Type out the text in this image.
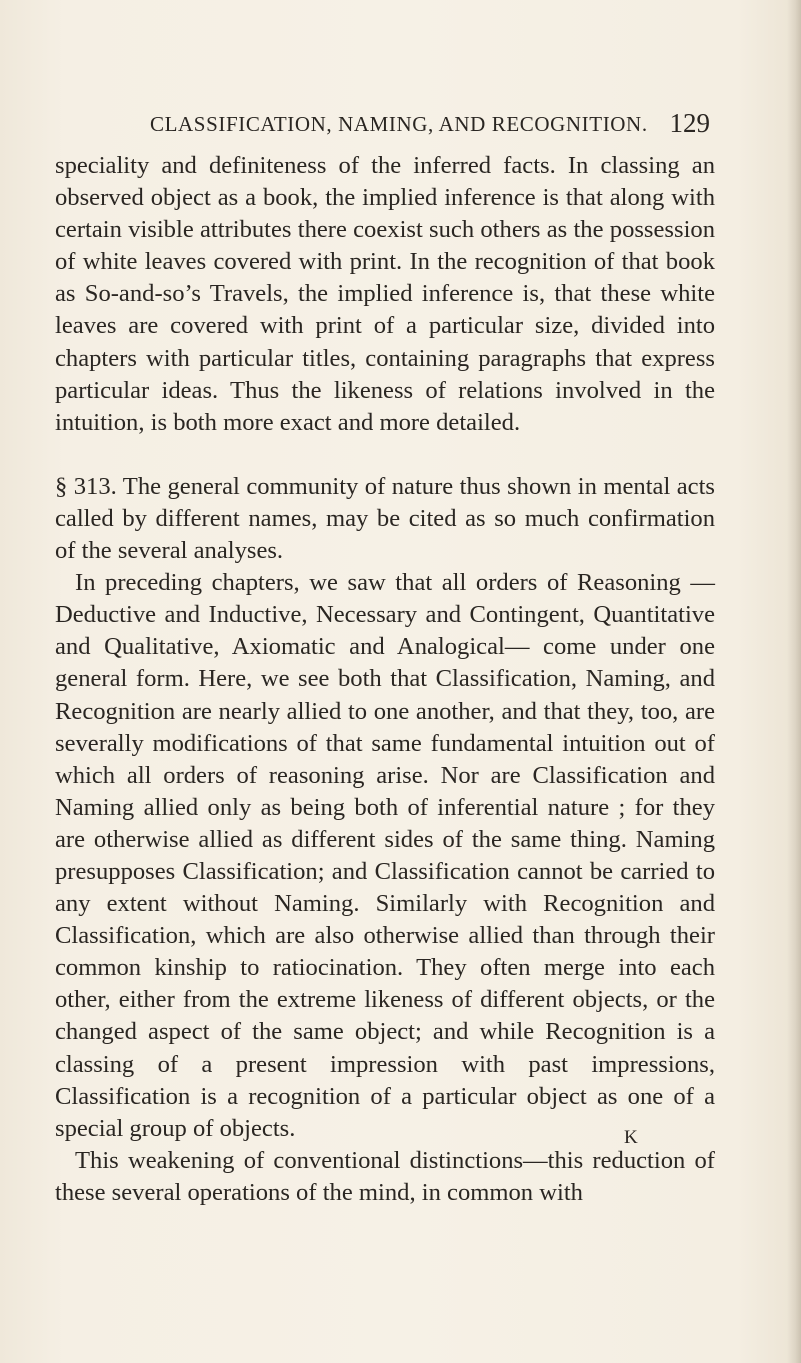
CLASSIFICATION, NAMING, AND RECOGNITION. 129

speciality and definiteness of the inferred facts. In classing an observed object as a book, the implied inference is that along with certain visible attributes there coexist such others as the possession of white leaves covered with print. In the recognition of that book as So-and-so’s Travels, the implied inference is, that these white leaves are covered with print of a particular size, divided into chapters with particular titles, containing paragraphs that express particular ideas. Thus the likeness of relations involved in the intuition, is both more exact and more detailed.

§ 313. The general community of nature thus shown in mental acts called by different names, may be cited as so much confirmation of the several analyses.

In preceding chapters, we saw that all orders of Reasoning —Deductive and Inductive, Necessary and Contingent, Quantitative and Qualitative, Axiomatic and Analogical— come under one general form. Here, we see both that Classification, Naming, and Recognition are nearly allied to one another, and that they, too, are severally modifications of that same fundamental intuition out of which all orders of reasoning arise. Nor are Classification and Naming allied only as being both of inferential nature ; for they are otherwise allied as different sides of the same thing. Naming presupposes Classification; and Classification cannot be carried to any extent without Naming. Similarly with Recognition and Classification, which are also otherwise allied than through their common kinship to ratiocination. They often merge into each other, either from the extreme likeness of different objects, or the changed aspect of the same object; and while Recognition is a classing of a present impression with past impressions, Classification is a recognition of a particular object as one of a special group of objects.

This weakening of conventional distinctions—this reduction of these several operations of the mind, in common with

K
